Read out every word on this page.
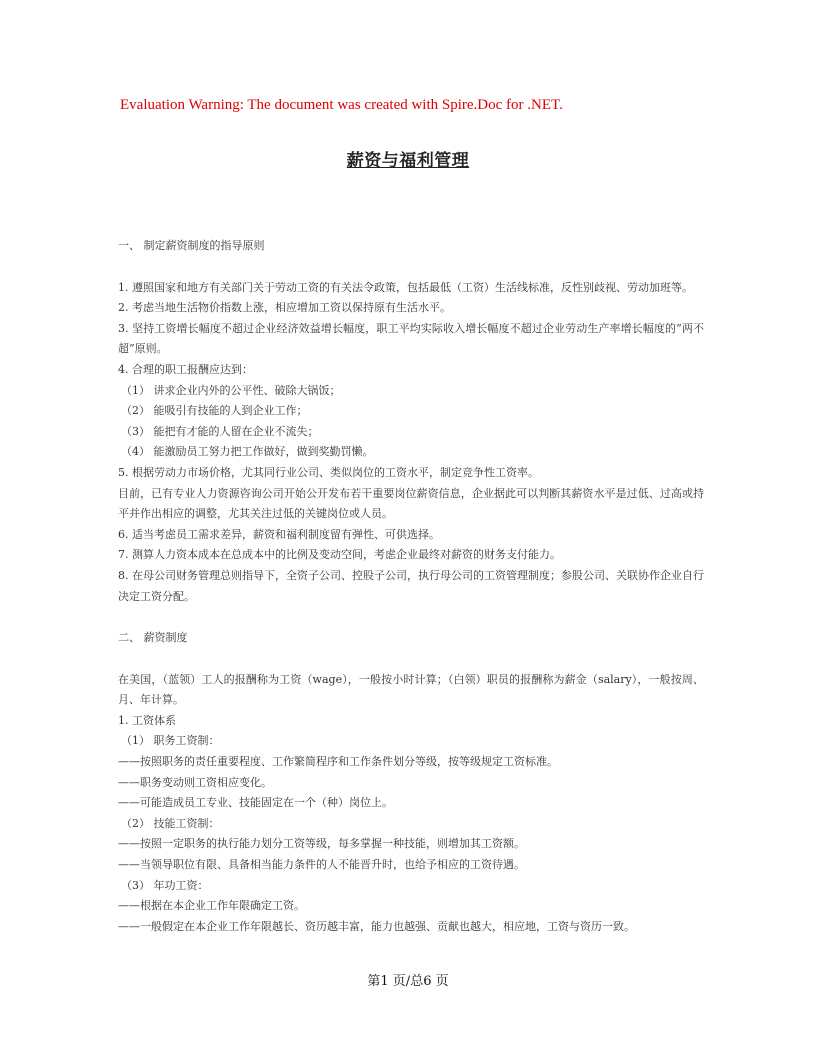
Evaluation Warning: The document was created with Spire.Doc for .NET.
薪资与福利管理

一、 制定薪资制度的指导原则

1. 遵照国家和地方有关部门关于劳动工资的有关法令政策，包括最低（工资）生活线标准，反性别歧视、劳动加班等。

2. 考虑当地生活物价指数上涨，相应增加工资以保持原有生活水平。

3. 坚持工资增长幅度不超过企业经济效益增长幅度，职工平均实际收入增长幅度不超过企业劳动生产率增长幅度的“两不超”原则。

4. 合理的职工报酬应达到：

（1） 讲求企业内外的公平性、破除大锅饭；

（2） 能吸引有技能的人到企业工作；

（3） 能把有才能的人留在企业不流失；

（4） 能激励员工努力把工作做好，做到奖勤罚懒。

5. 根据劳动力市场价格，尤其同行业公司、类似岗位的工资水平，制定竞争性工资率。

目前，已有专业人力资源咨询公司开始公开发布若干重要岗位薪资信息，企业据此可以判断其薪资水平是过低、过高或持平并作出相应的调整，尤其关注过低的关键岗位或人员。

6. 适当考虑员工需求差异，薪资和福利制度留有弹性、可供选择。

7. 测算人力资本成本在总成本中的比例及变动空间，考虑企业最终对薪资的财务支付能力。

8. 在母公司财务管理总则指导下，全资子公司、控股子公司，执行母公司的工资管理制度；参股公司、关联协作企业自行决定工资分配。

二、 薪资制度

在美国，（蓝领）工人的报酬称为工资（wage），一般按小时计算；（白领）职员的报酬称为薪金（salary），一般按周、月、年计算。

1. 工资体系

（1） 职务工资制：

——按照职务的责任重要程度、工作繁简程序和工作条件划分等级，按等级规定工资标准。

——职务变动则工资相应变化。

——可能造成员工专业、技能固定在一个（种）岗位上。

（2） 技能工资制：

——按照一定职务的执行能力划分工资等级，每多掌握一种技能，则增加其工资额。

——当领导职位有限、具备相当能力条件的人不能晋升时，也给予相应的工资待遇。

（3） 年功工资：

——根据在本企业工作年限确定工资。

——一般假定在本企业工作年限越长、资历越丰富，能力也越强、贡献也越大，相应地，工资与资历一致。

第1 页/总6 页
